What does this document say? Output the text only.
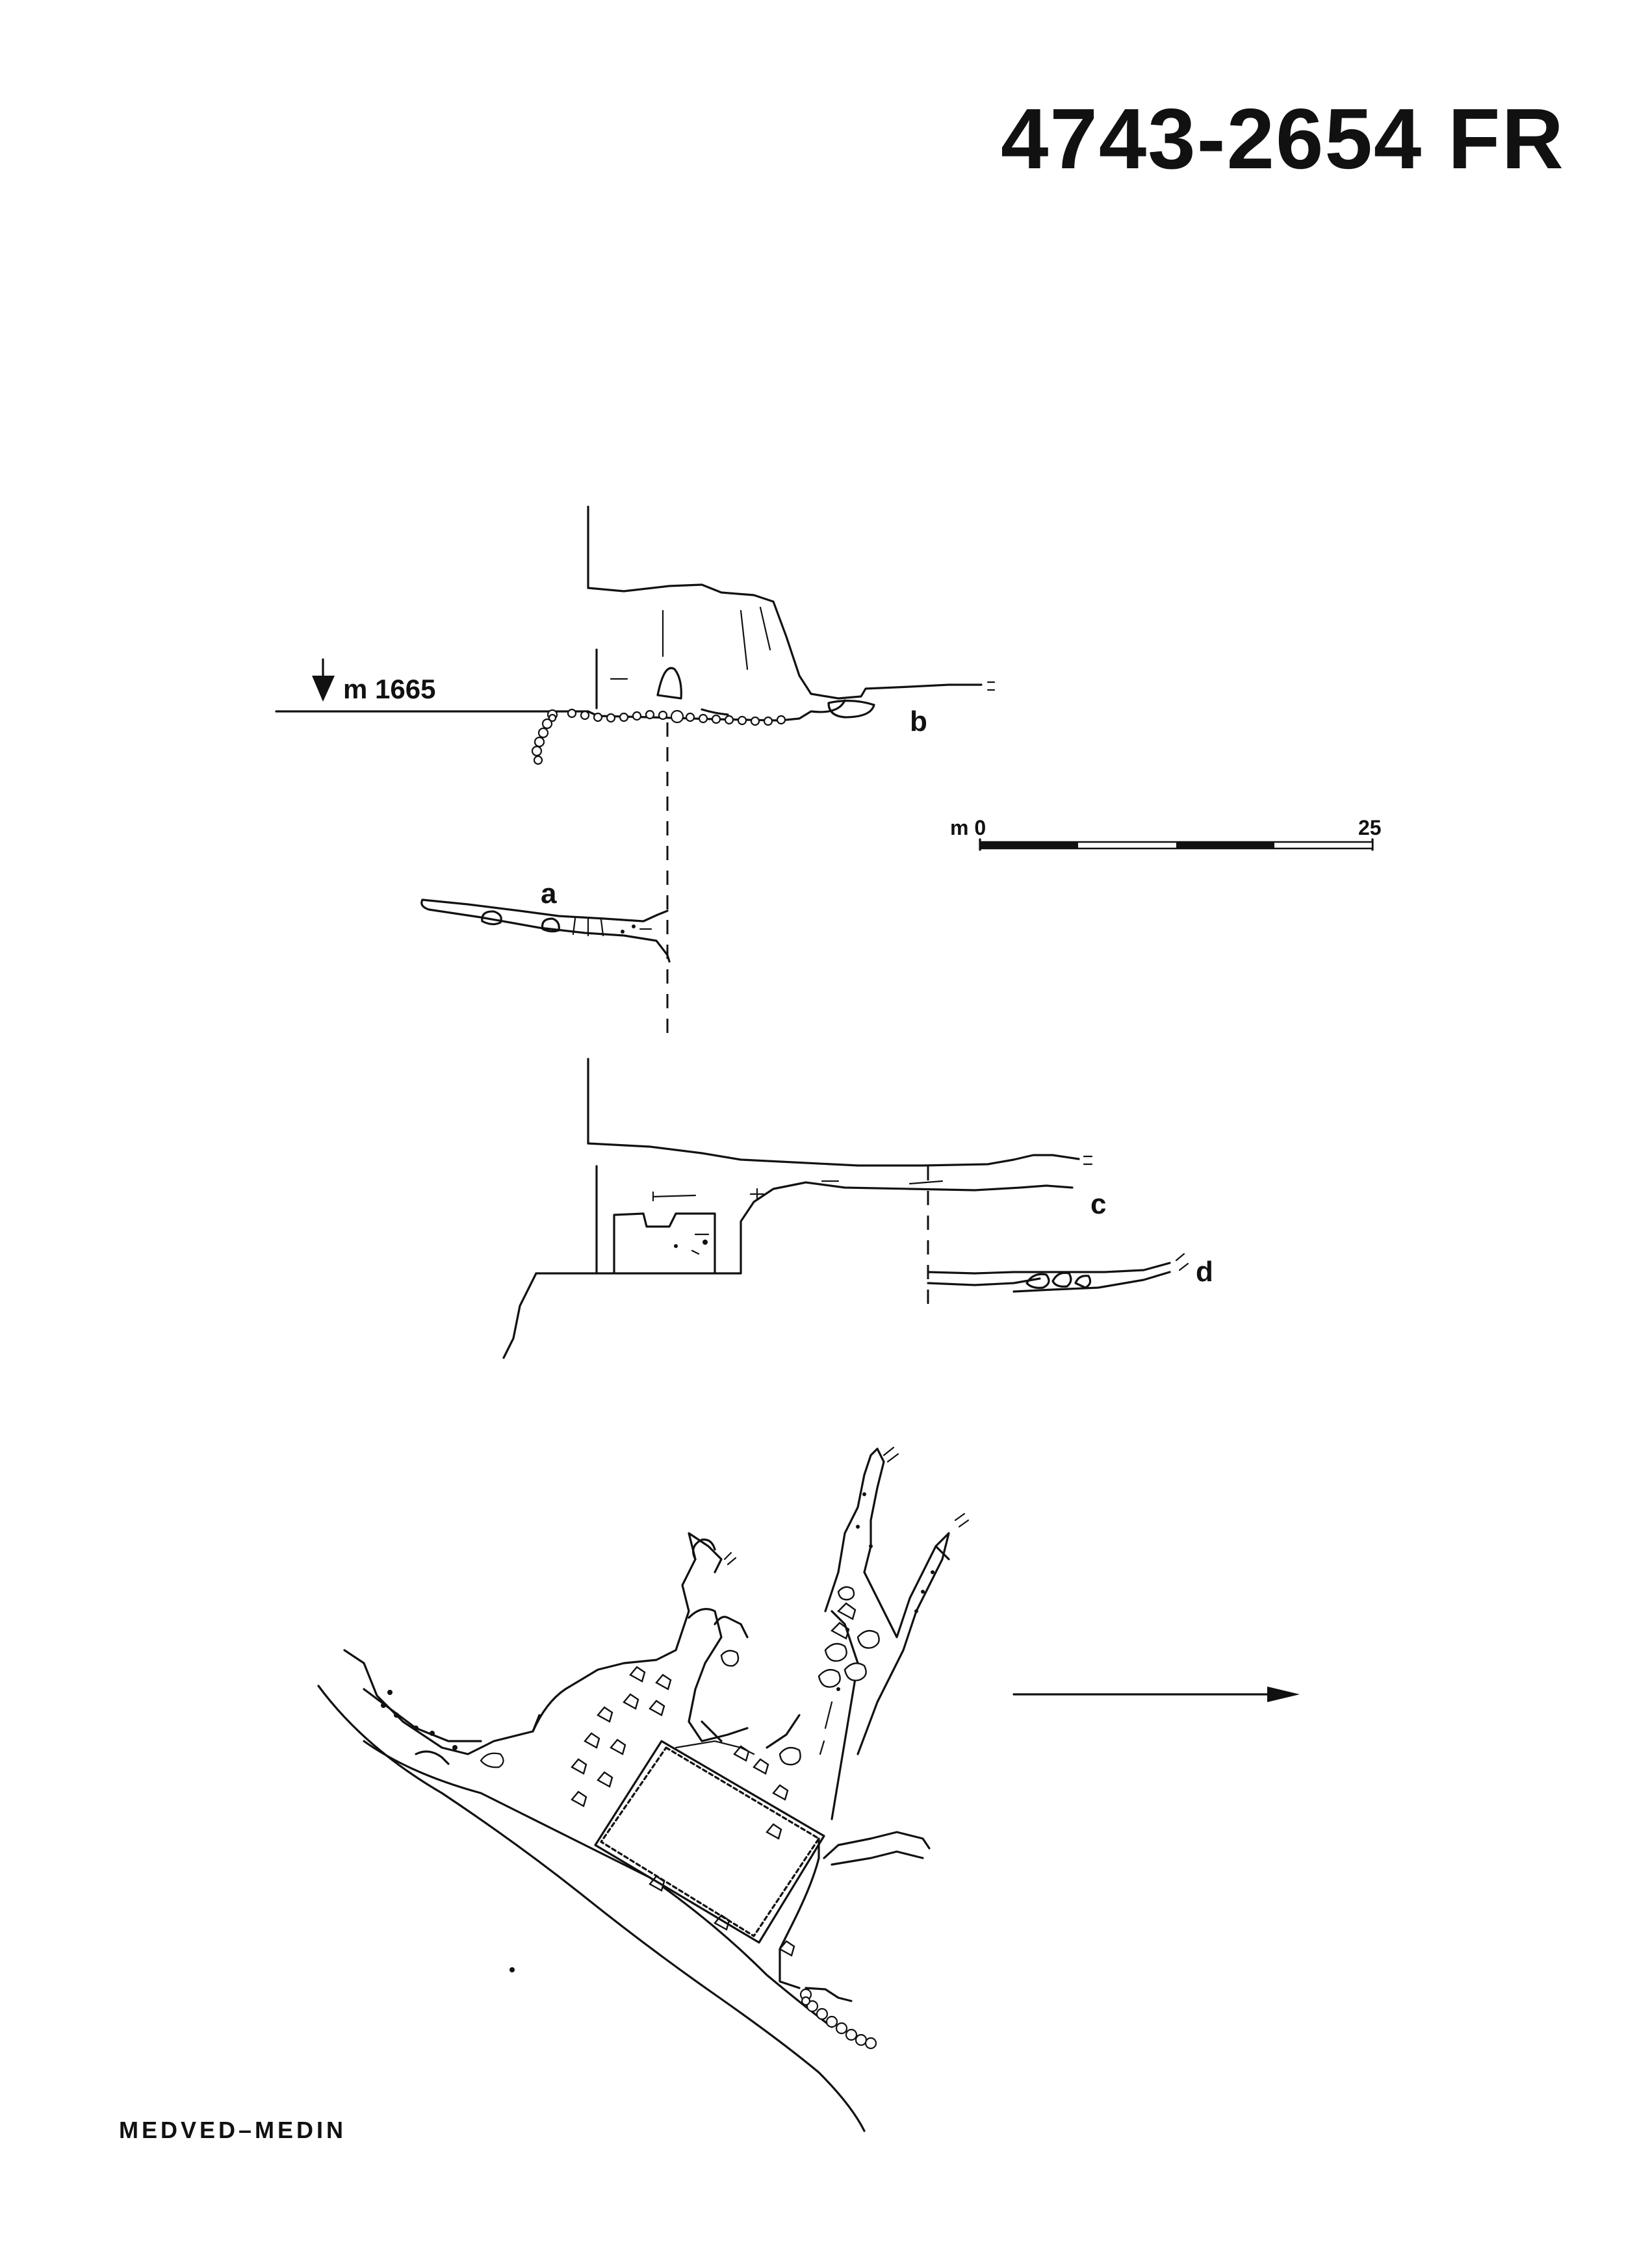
4743-2654 FR
m 1665
b
m 0	25
a
c
d
MEDVED–MEDIN
